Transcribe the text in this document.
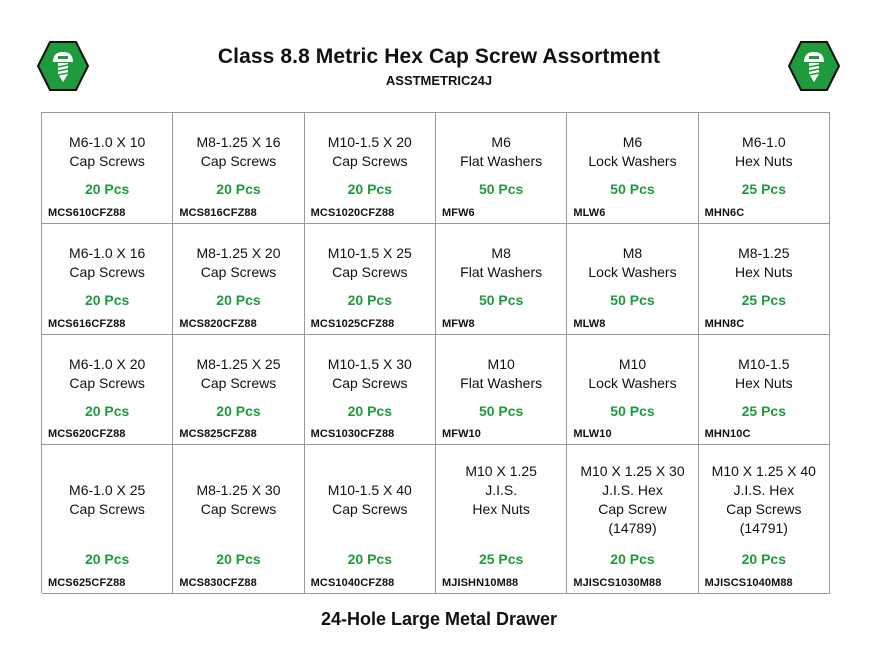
Class 8.8 Metric Hex Cap Screw Assortment
ASSTMETRIC24J
M6-1.0 X 10
Cap Screws
20 Pcs
MCS610CFZ88
M8-1.25 X 16
Cap Screws
20 Pcs
MCS816CFZ88
M10-1.5 X 20
Cap Screws
20 Pcs
MCS1020CFZ88
M6
Flat Washers
50 Pcs
MFW6
M6
Lock Washers
50 Pcs
MLW6
M6-1.0
Hex Nuts
25 Pcs
MHN6C
M6-1.0 X 16
Cap Screws
20 Pcs
MCS616CFZ88
M8-1.25 X 20
Cap Screws
20 Pcs
MCS820CFZ88
M10-1.5 X 25
Cap Screws
20 Pcs
MCS1025CFZ88
M8
Flat Washers
50 Pcs
MFW8
M8
Lock Washers
50 Pcs
MLW8
M8-1.25
Hex Nuts
25 Pcs
MHN8C
M6-1.0 X 20
Cap Screws
20 Pcs
MCS620CFZ88
M8-1.25 X 25
Cap Screws
20 Pcs
MCS825CFZ88
M10-1.5 X 30
Cap Screws
20 Pcs
MCS1030CFZ88
M10
Flat Washers
50 Pcs
MFW10
M10
Lock Washers
50 Pcs
MLW10
M10-1.5
Hex Nuts
25 Pcs
MHN10C

M6-1.0 X 25
Cap Screws
20 Pcs
MCS625CFZ88

M8-1.25 X 30
Cap Screws
20 Pcs
MCS830CFZ88

M10-1.5 X 40
Cap Screws
20 Pcs
MCS1040CFZ88
M10 X 1.25
J.I.S.
Hex Nuts
25 Pcs
MJISHN10M88
M10 X 1.25 X 30
J.I.S. Hex
Cap Screw
(14789)
20 Pcs
MJISCS1030M88
M10 X 1.25 X 40
J.I.S. Hex
Cap Screws
(14791)
20 Pcs
MJISCS1040M88
24-Hole Large Metal Drawer
